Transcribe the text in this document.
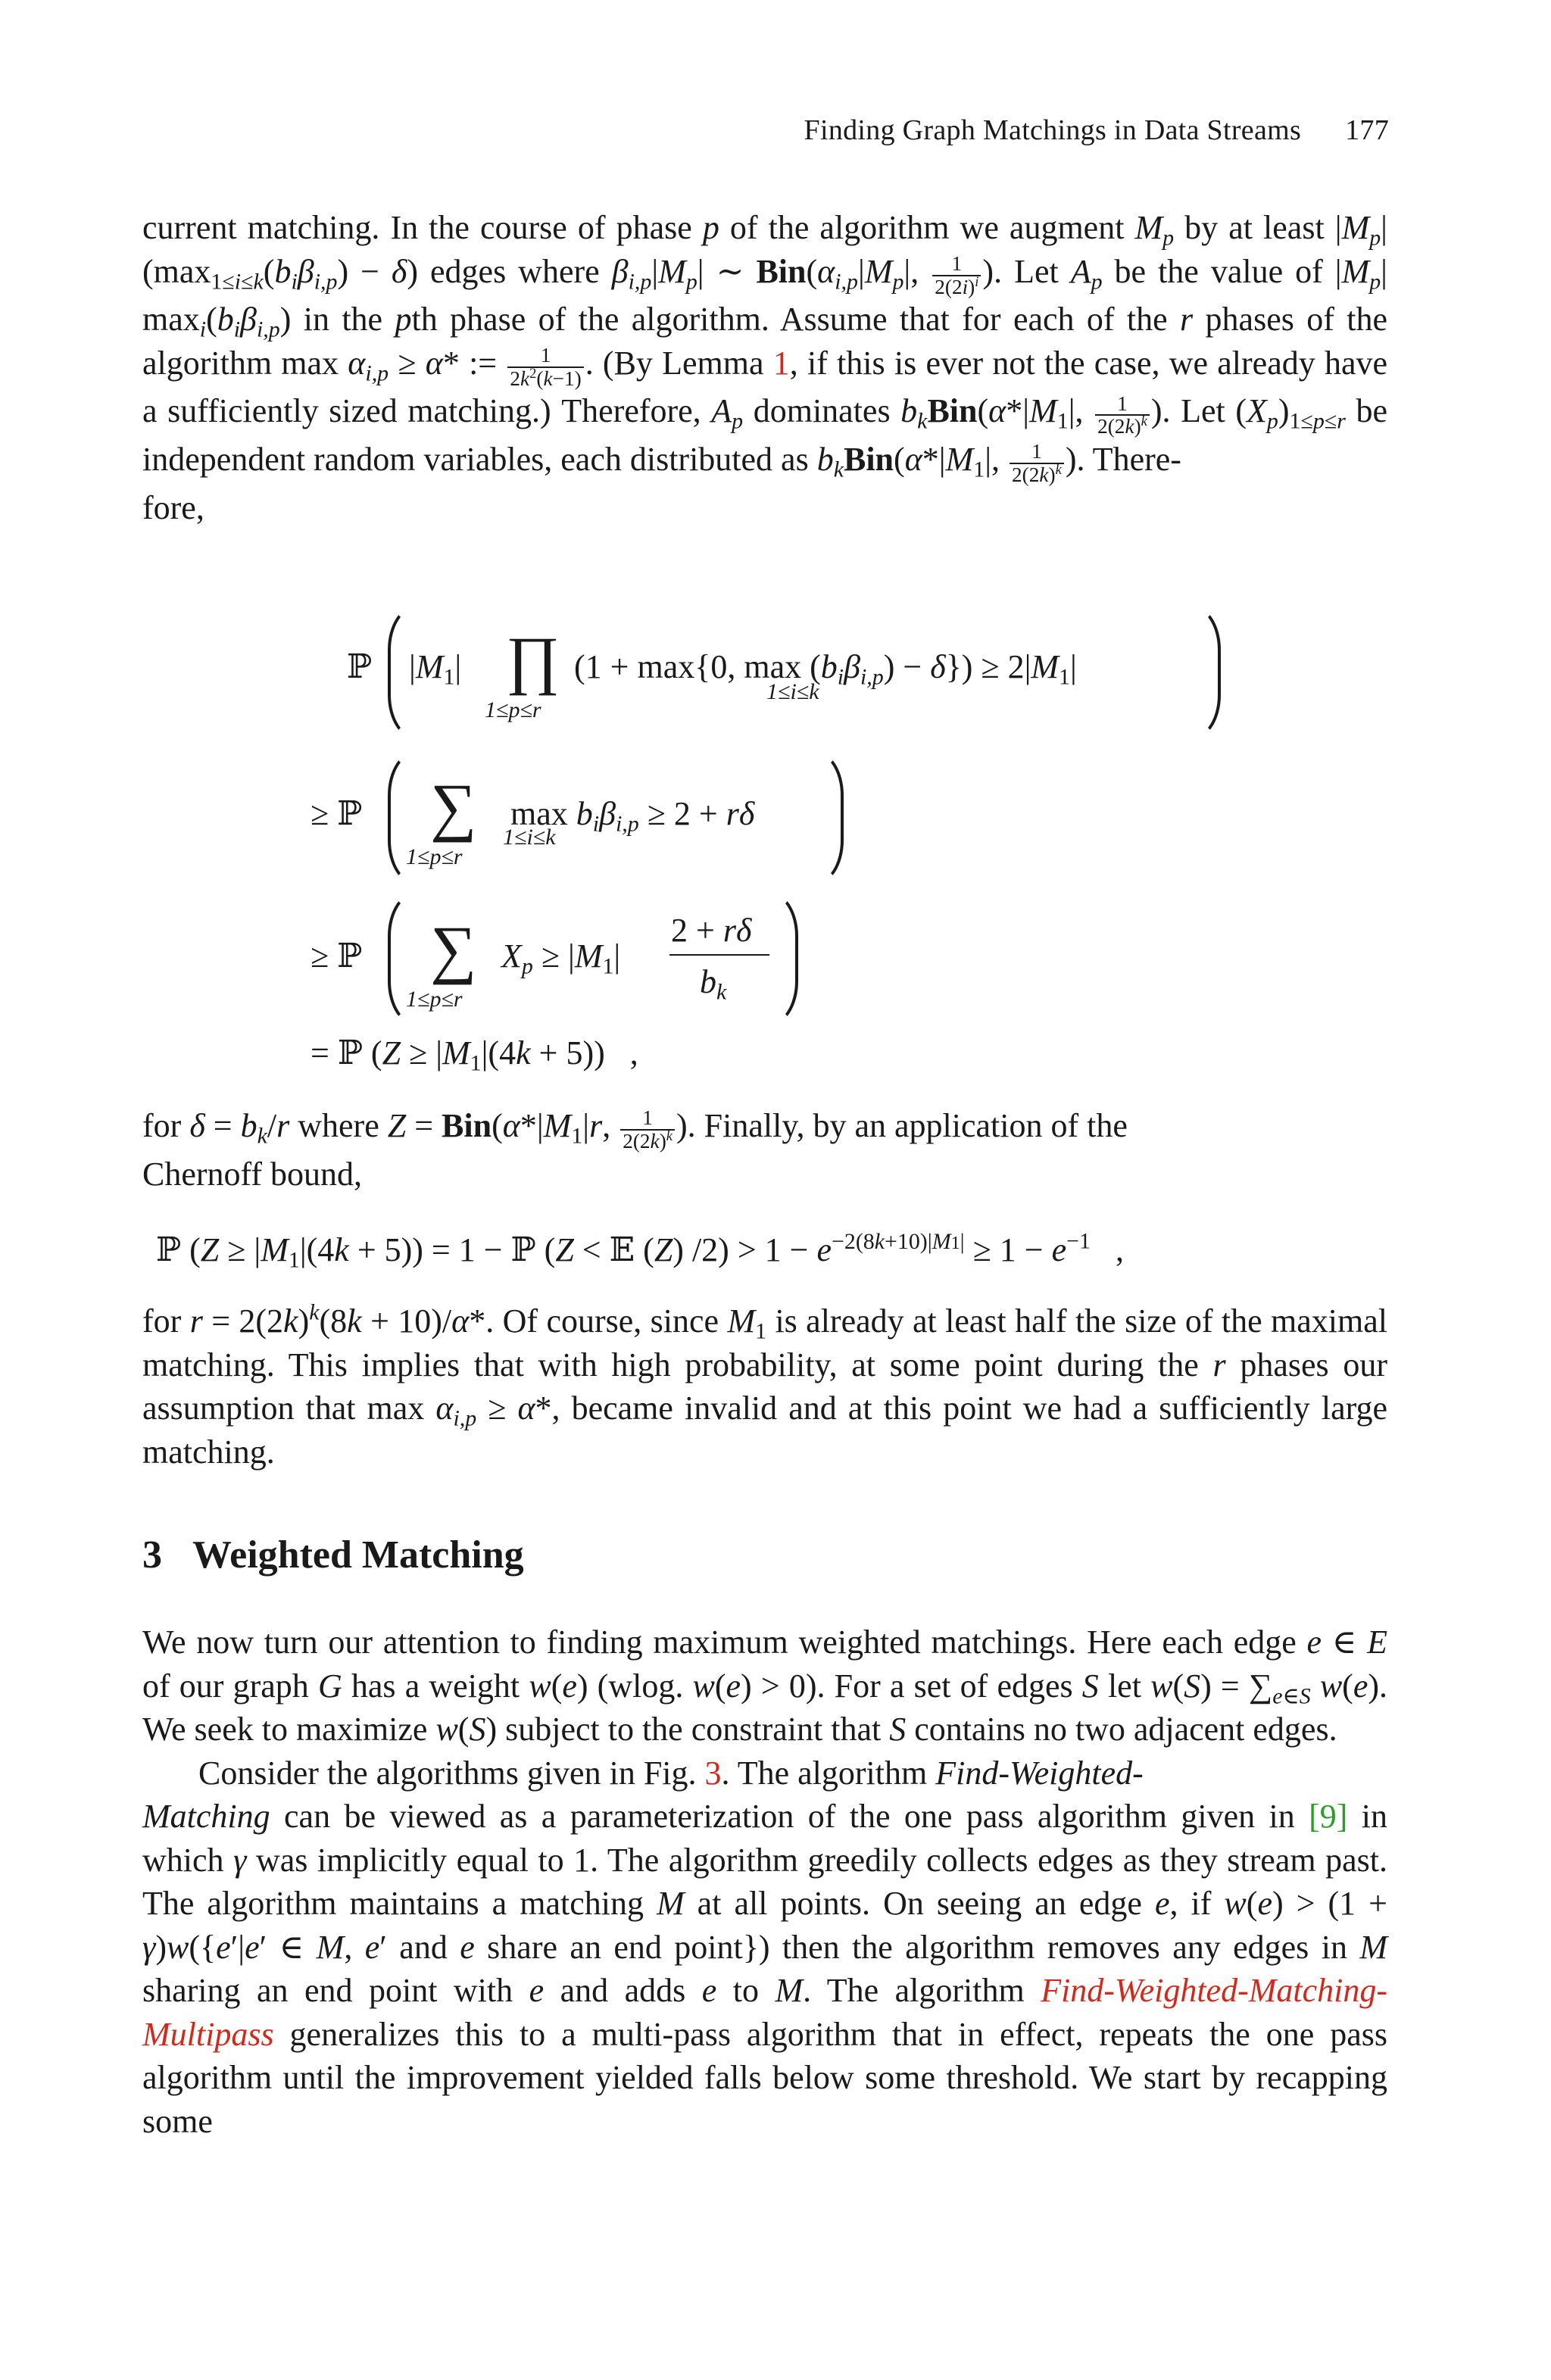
Finding Graph Matchings in Data Streams 177

current matching. In the course of phase p of the algorithm we augment $M_p$ by at least $|M_p|(\max_{1\le i\le k}(b_i\beta_{i,p}) - \delta)$ edges where $\beta_{i,p}|M_p|$ ∼ $Bin(\alpha_{i,p}|M_p|$, $\frac{1}{2(2i)^i}$ ). Let $A_p$ be the value of $|M_p|$ $\max_i(b_i\beta_{i,p})$ in the pth phase of the algorithm. Assume that for each of the r phases of the algorithm $\max \alpha_{i,p} \ge \alpha*$ := $\frac{1}{2k^2(k-1)}$ . (By Lemma 1, if this is ever not the case, we already have a sufficiently sized matching.) Therefore, $A_p$ dominates $b_kBin(\alpha*|M_1|$, $\frac{1}{2(2k)^k}$ ). Let $(X_p)_{1\le p\le r}$ be independent random variables, each distributed as $b_kBin(\alpha*|M_1|$, $\frac{1}{2(2k)^k}$ ). There-
fore,

ℙ $|M_1|$ ∏
1≤p≤r
(1 + max{0, $\max (b_i\beta_{i,p}) - \delta\}) \ge 2|M_1|$
1≤i≤k
≥ ℙ ∑
1≤p≤r
$\max b_i\beta_{i,p} \ge 2 + r\delta$
1≤i≤k
≥ ℙ ∑
1≤p≤r
$X_p \ge |M_1|$
2 + rδ
$b_k$
= ℙ $(Z \ge |M_1|(4k + 5))$   ,

for $\delta = b_k/r$ where $Z = Bin(\alpha*|M_1|r$, $\frac{1}{2(2k)^k}$ ). Finally, by an application of the
Chernoff bound,

ℙ $(Z \ge |M_1|(4k + 5)) = 1$ − ℙ (Z < 𝔼 (Z) $/2) > 1 - e^{-2(8k+10)|M1|} \ge 1 - e^{-1}$   ,

for $r = 2(2k)^k(8k + 10)/\alpha*$. Of course, since $M_1$ is already at least half the size of the maximal matching. This implies that with high probability, at some point during the r phases our assumption that $\max \alpha_{i,p} \ge \alpha*$, became invalid and at this point we had a sufficiently large matching.

3 Weighted Matching

We now turn our attention to finding maximum weighted matchings. Here each edge e ∈ E of our graph G has a weight w(e) (wlog. w(e) > 0). For a set of edges S let $w(S) = \sum_{e\in S}$ w(e). We seek to maximize w(S) subject to the constraint that S contains no two adjacent edges.

Consider the algorithms given in Fig. 3. The algorithm Find-Weighted-
Matching can be viewed as a parameterization of the one pass algorithm given in [9] in which γ was implicitly equal to 1. The algorithm greedily collects edges as they stream past. The algorithm maintains a matching M at all points. On seeing an edge e, if w(e) > (1 + γ)w({e′|e′ ∈ M, e′ and e share an end point}) then the algorithm removes any edges in M sharing an end point with e and adds e to M. The algorithm Find-Weighted-Matching-Multipass generalizes this to a multi-pass algorithm that in effect, repeats the one pass algorithm until the improvement yielded falls below some threshold. We start by recapping some
